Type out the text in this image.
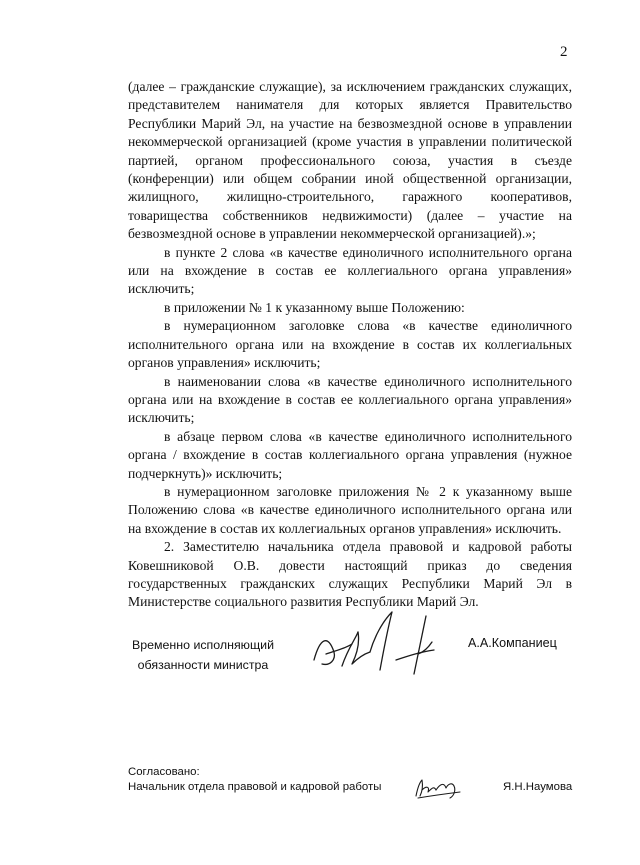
2

(далее – гражданские служащие), за исключением гражданских служащих, представителем нанимателя для которых является Правительство Республики Марий Эл, на участие на безвозмездной основе в управлении некоммерческой организацией (кроме участия в управлении политической партией, органом профессионального союза, участия в съезде (конференции) или общем собрании иной общественной организации, жилищного, жилищно-строительного, гаражного кооперативов, товарищества собственников недвижимости) (далее – участие на безвозмездной основе в управлении некоммерческой организацией).»;

в пункте 2 слова «в качестве единоличного исполнительного органа или на вхождение в состав ее коллегиального органа управления» исключить;

в приложении № 1 к указанному выше Положению:

в нумерационном заголовке слова «в качестве единоличного исполнительного органа или на вхождение в состав их коллегиальных органов управления» исключить;

в наименовании слова «в качестве единоличного исполнительного органа или на вхождение в состав ее коллегиального органа управления» исключить;

в абзаце первом слова «в качестве единоличного исполнительного органа / вхождение в состав коллегиального органа управления (нужное подчеркнуть)» исключить;

в нумерационном заголовке приложения № 2 к указанному выше Положению слова «в качестве единоличного исполнительного органа или на вхождение в состав их коллегиальных органов управления» исключить.

2. Заместителю начальника отдела правовой и кадровой работы Ковешниковой О.В. довести настоящий приказ до сведения государственных гражданских служащих Республики Марий Эл в Министерстве социального развития Республики Марий Эл.

Временно исполняющий
обязанности министра
А.А.Компаниец
Согласовано:
Начальник отдела правовой и кадровой работы	Я.Н.Наумова
